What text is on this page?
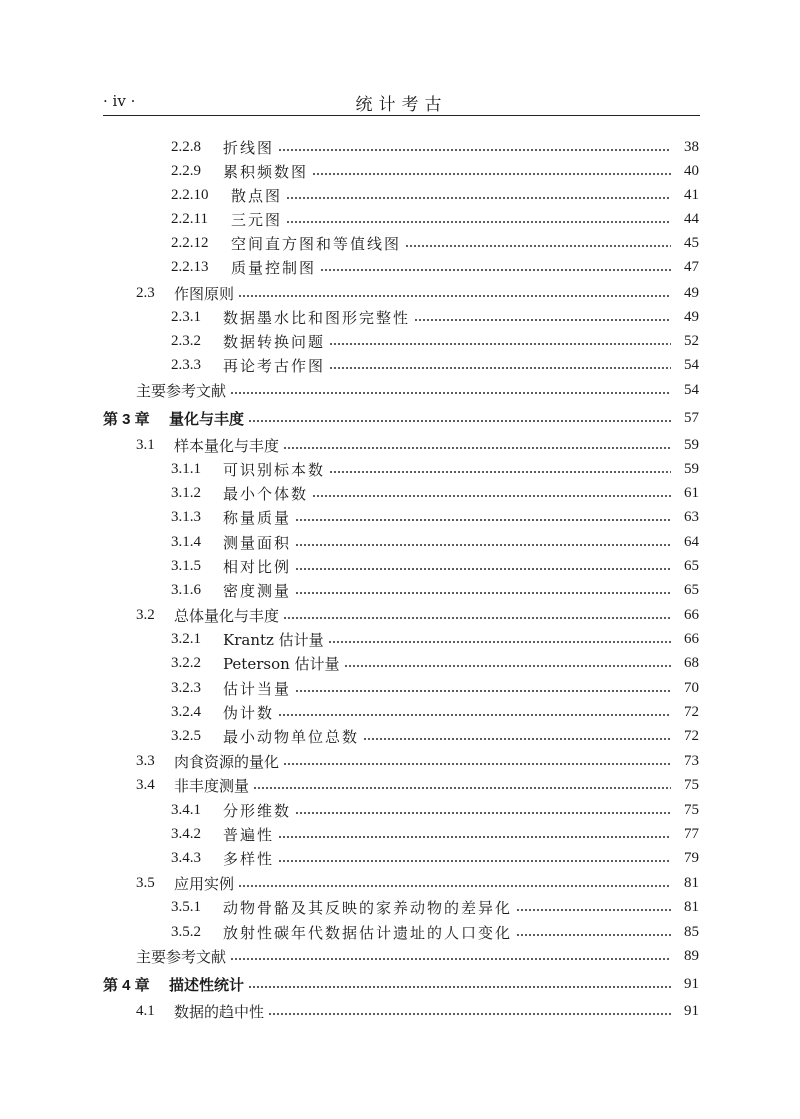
· iv ·	统计考古
2.2.8	折线图	38
2.2.9	累积频数图	40
2.2.10	散点图	41
2.2.11	三元图	44
2.2.12	空间直方图和等值线图	45
2.2.13	质量控制图	47
2.3	作图原则	49
2.3.1	数据墨水比和图形完整性	49
2.3.2	数据转换问题	52
2.3.3	再论考古作图	54
主要参考文献	54
第 3 章	量化与丰度	57
3.1	样本量化与丰度	59
3.1.1	可识别标本数	59
3.1.2	最小个体数	61
3.1.3	称量质量	63
3.1.4	测量面积	64
3.1.5	相对比例	65
3.1.6	密度测量	65
3.2	总体量化与丰度	66
3.2.1	Krantz 估计量	66
3.2.2	Peterson 估计量	68
3.2.3	估计当量	70
3.2.4	伪计数	72
3.2.5	最小动物单位总数	72
3.3	肉食资源的量化	73
3.4	非丰度测量	75
3.4.1	分形维数	75
3.4.2	普遍性	77
3.4.3	多样性	79
3.5	应用实例	81
3.5.1	动物骨骼及其反映的家养动物的差异化	81
3.5.2	放射性碳年代数据估计遗址的人口变化	85
主要参考文献	89
第 4 章	描述性统计	91
4.1	数据的趋中性	91
